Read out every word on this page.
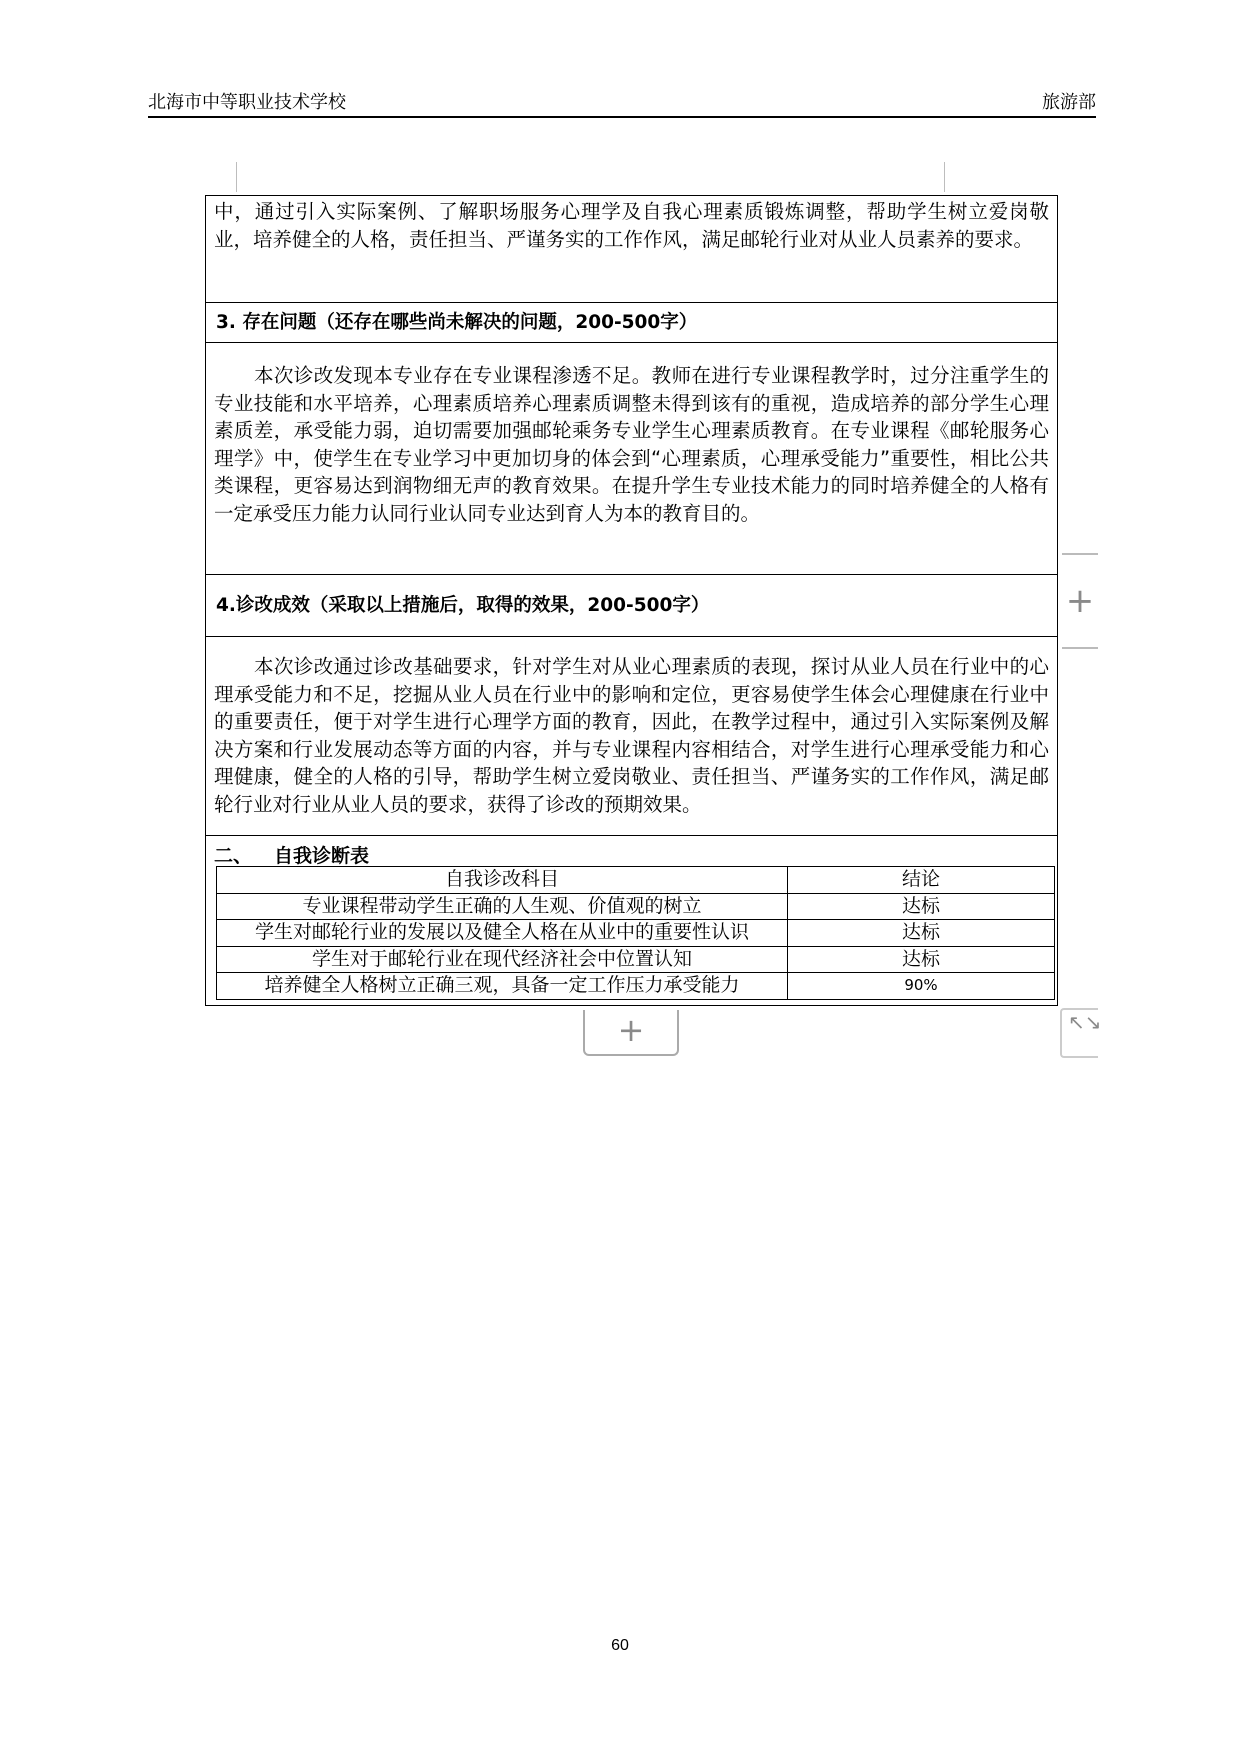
北海市中等职业技术学校	旅游部
中，通过引入实际案例、了解职场服务心理学及自我心理素质锻炼调整，帮助学生树立爱岗敬业，培养健全的人格，责任担当、严谨务实的工作作风，满足邮轮行业对从业人员素养的要求。
3. 存在问题（还存在哪些尚未解决的问题，200-500字）
本次诊改发现本专业存在专业课程渗透不足。教师在进行专业课程教学时，过分注重学生的专业技能和水平培养，心理素质培养心理素质调整未得到该有的重视，造成培养的部分学生心理素质差，承受能力弱，迫切需要加强邮轮乘务专业学生心理素质教育。在专业课程《邮轮服务心理学》中，使学生在专业学习中更加切身的体会到“心理素质，心理承受能力”重要性，相比公共类课程，更容易达到润物细无声的教育效果。在提升学生专业技术能力的同时培养健全的人格有一定承受压力能力认同行业认同专业达到育人为本的教育目的。
4.诊改成效（采取以上措施后，取得的效果，200-500字）
本次诊改通过诊改基础要求，针对学生对从业心理素质的表现，探讨从业人员在行业中的心理承受能力和不足，挖掘从业人员在行业中的影响和定位，更容易使学生体会心理健康在行业中的重要责任，便于对学生进行心理学方面的教育，因此，在教学过程中，通过引入实际案例及解决方案和行业发展动态等方面的内容，并与专业课程内容相结合，对学生进行心理承受能力和心理健康，健全的人格的引导，帮助学生树立爱岗敬业、责任担当、严谨务实的工作作风，满足邮轮行业对行业从业人员的要求，获得了诊改的预期效果。
二、 自我诊断表
自我诊改科目	结论
专业课程带动学生正确的人生观、价值观的树立	达标
学生对邮轮行业的发展以及健全人格在从业中的重要性认识	达标
学生对于邮轮行业在现代经济社会中位置认知	达标
培养健全人格树立正确三观，具备一定工作压力承受能力	90%
+
+	↖↘
60
